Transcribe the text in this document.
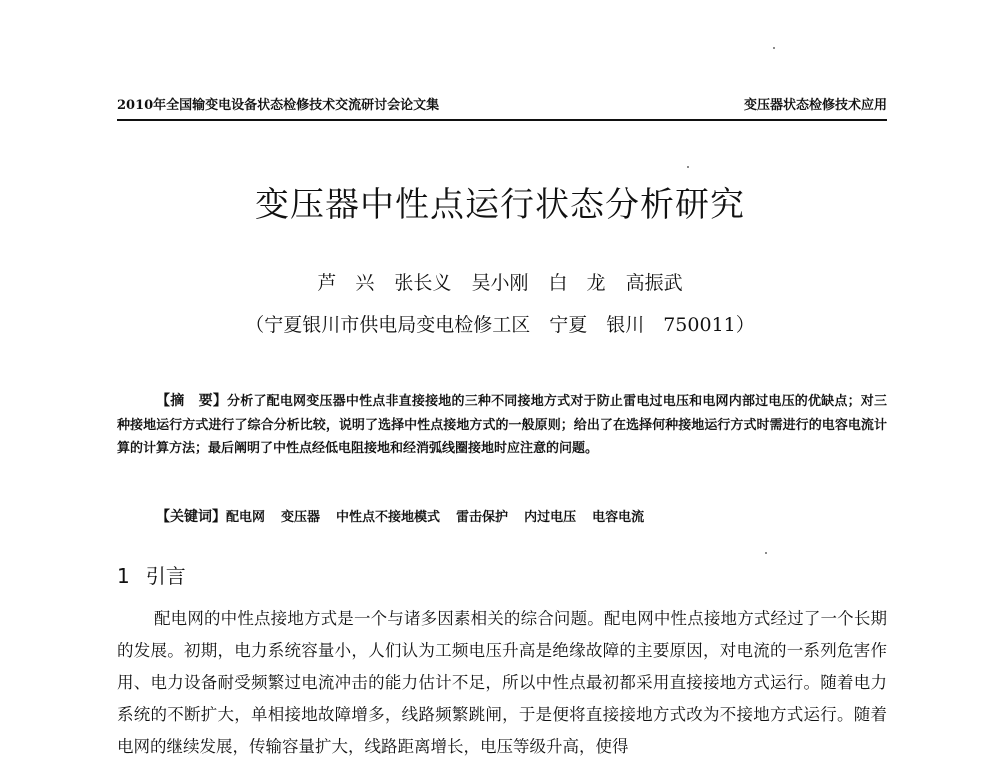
2010年全国输变电设备状态检修技术交流研讨会论文集	变压器状态检修技术应用
变压器中性点运行状态分析研究
芦　兴 张长义 吴小刚 白　龙 高振武
（宁夏银川市供电局变电检修工区　宁夏　银川　750011）
【摘　要】分析了配电网变压器中性点非直接接地的三种不同接地方式对于防止雷电过电压和电网内部过电压的优缺点；对三种接地运行方式进行了综合分析比较，说明了选择中性点接地方式的一般原则；给出了在选择何种接地运行方式时需进行的电容电流计算的计算方法；最后阐明了中性点经低电阻接地和经消弧线圈接地时应注意的问题。
【关键词】配电网 变压器 中性点不接地模式 雷击保护 内过电压 电容电流
1 引言
配电网的中性点接地方式是一个与诸多因素相关的综合问题。配电网中性点接地方式经过了一个长期的发展。初期，电力系统容量小，人们认为工频电压升高是绝缘故障的主要原因，对电流的一系列危害作用、电力设备耐受频繁过电流冲击的能力估计不足，所以中性点最初都采用直接接地方式运行。随着电力系统的不断扩大，单相接地故障增多，线路频繁跳闸，于是便将直接接地方式改为不接地方式运行。随着电网的继续发展，传输容量扩大，线路距离增长，电压等级升高，使得
